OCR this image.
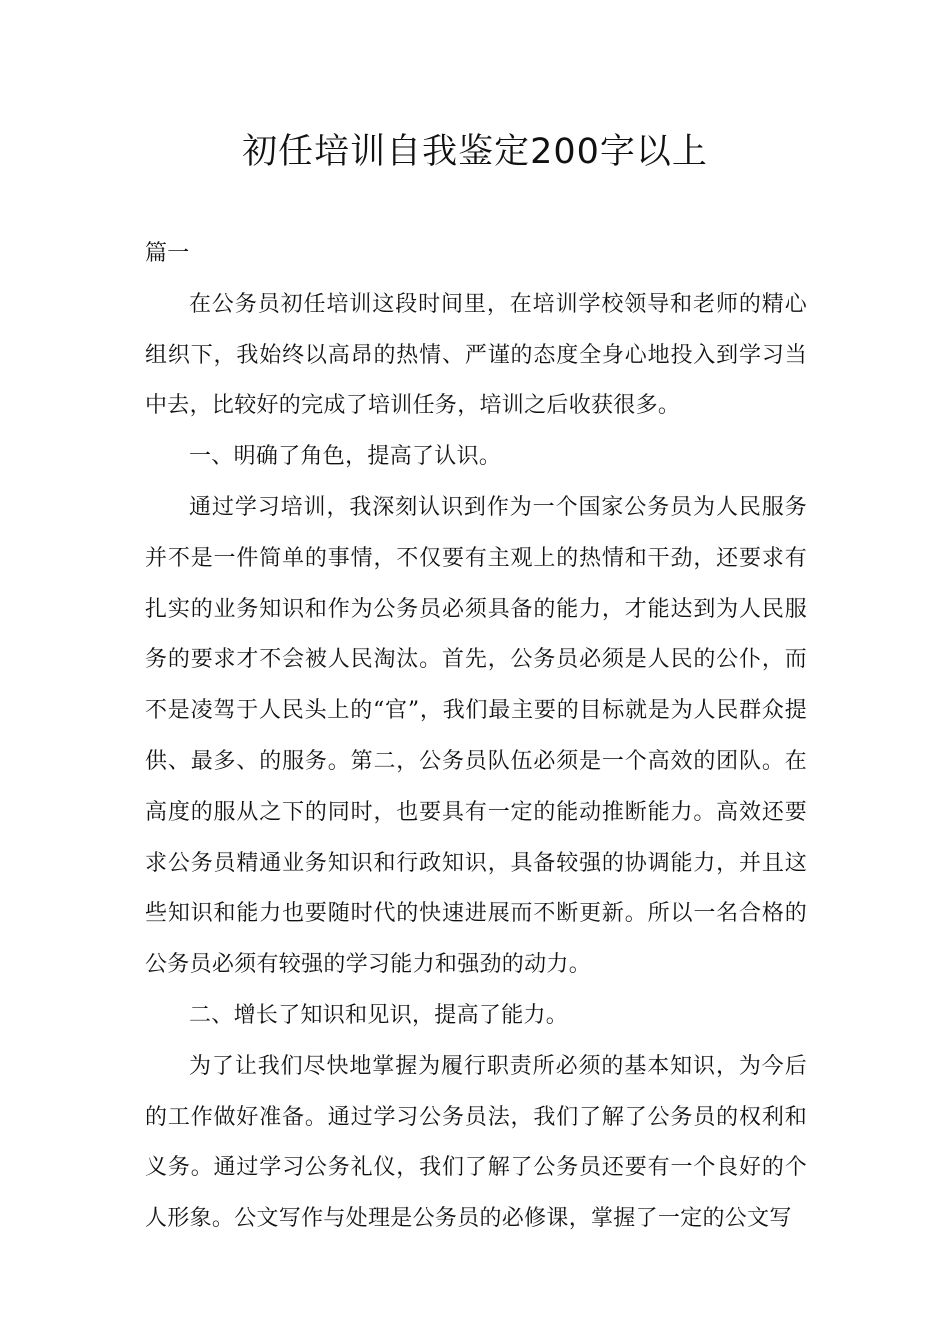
初任培训自我鉴定200字以上

篇一

在公务员初任培训这段时间里，在培训学校领导和老师的精心组织下，我始终以高昂的热情、严谨的态度全身心地投入到学习当中去，比较好的完成了培训任务，培训之后收获很多。

一、明确了角色，提高了认识。

通过学习培训，我深刻认识到作为一个国家公务员为人民服务并不是一件简单的事情，不仅要有主观上的热情和干劲，还要求有扎实的业务知识和作为公务员必须具备的能力，才能达到为人民服务的要求才不会被人民淘汰。首先，公务员必须是人民的公仆，而不是凌驾于人民头上的“官”，我们最主要的目标就是为人民群众提供、最多、的服务。第二，公务员队伍必须是一个高效的团队。在高度的服从之下的同时，也要具有一定的能动推断能力。高效还要求公务员精通业务知识和行政知识，具备较强的协调能力，并且这些知识和能力也要随时代的快速进展而不断更新。所以一名合格的公务员必须有较强的学习能力和强劲的动力。

二、增长了知识和见识，提高了能力。

为了让我们尽快地掌握为履行职责所必须的基本知识，为今后的工作做好准备。通过学习公务员法，我们了解了公务员的权利和义务。通过学习公务礼仪，我们了解了公务员还要有一个良好的个人形象。公文写作与处理是公务员的必修课，掌握了一定的公文写
